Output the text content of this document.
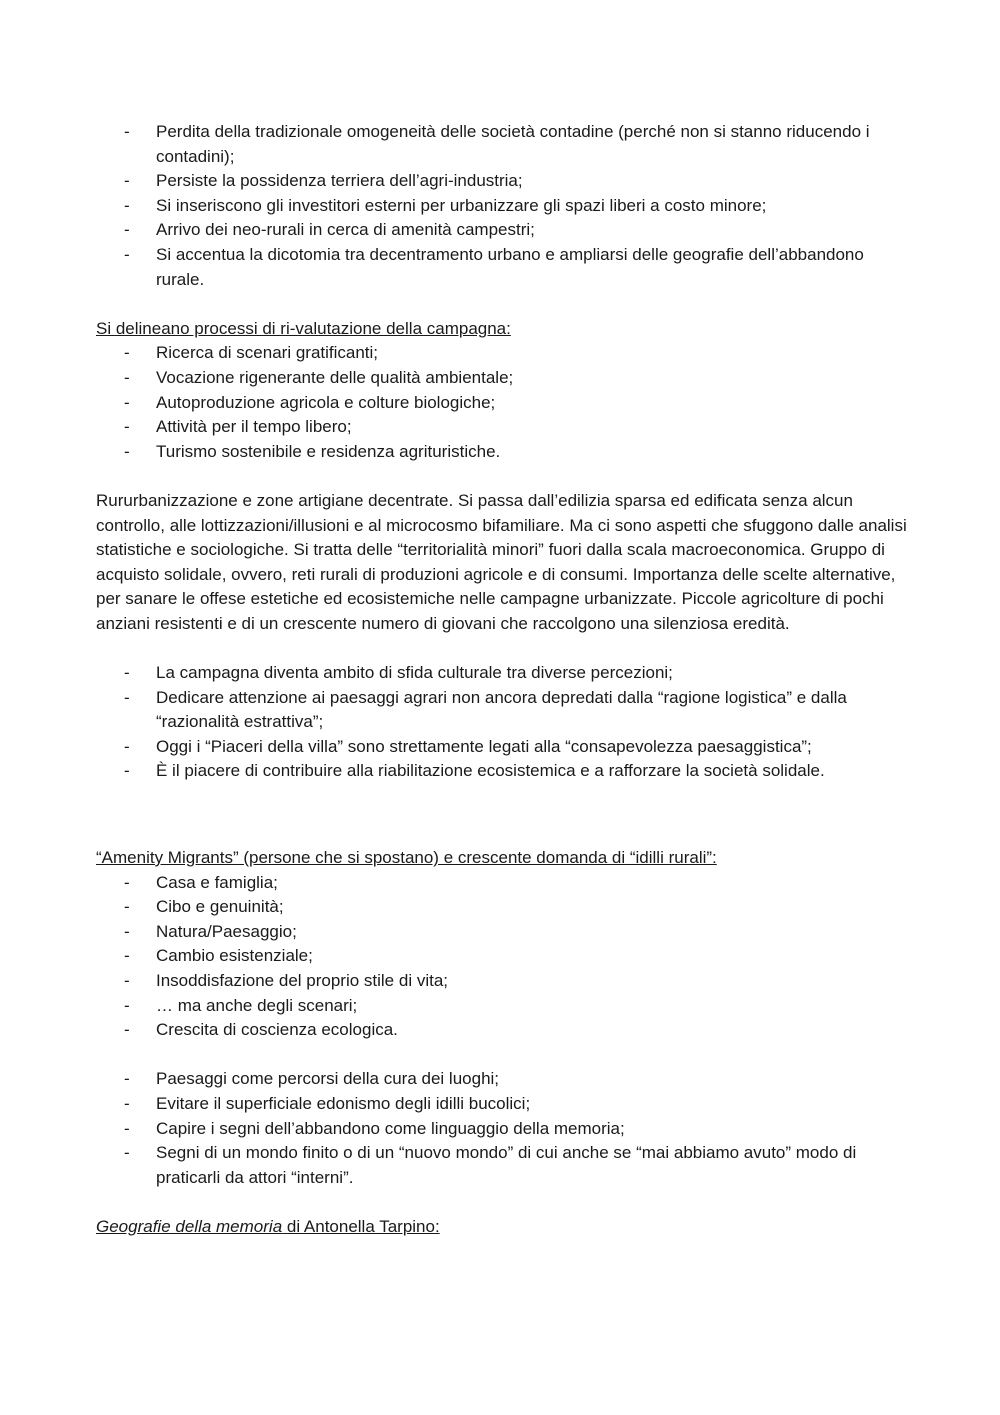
- Perdita della tradizionale omogeneità delle società contadine (perché non si stanno riducendo i contadini);
- Persiste la possidenza terriera dell’agri-industria;
- Si inseriscono gli investitori esterni per urbanizzare gli spazi liberi a costo minore;
- Arrivo dei neo-rurali in cerca di amenità campestri;
- Si accentua la dicotomia tra decentramento urbano e ampliarsi delle geografie dell’abbandono rurale.

Si delineano processi di ri-valutazione della campagna:

- Ricerca di scenari gratificanti;
- Vocazione rigenerante delle qualità ambientale;
- Autoproduzione agricola e colture biologiche;
- Attività per il tempo libero;
- Turismo sostenibile e residenza agrituristiche.

Rururbanizzazione e zone artigiane decentrate. Si passa dall’edilizia sparsa ed edificata senza alcun controllo, alle lottizzazioni/illusioni e al microcosmo bifamiliare. Ma ci sono aspetti che sfuggono dalle analisi statistiche e sociologiche. Si tratta delle “territorialità minori” fuori dalla scala macroeconomica. Gruppo di acquisto solidale, ovvero, reti rurali di produzioni agricole e di consumi. Importanza delle scelte alternative, per sanare le offese estetiche ed ecosistemiche nelle campagne urbanizzate. Piccole agricolture di pochi anziani resistenti e di un crescente numero di giovani che raccolgono una silenziosa eredità.

- La campagna diventa ambito di sfida culturale tra diverse percezioni;
- Dedicare attenzione ai paesaggi agrari non ancora depredati dalla “ragione logistica” e dalla “razionalità estrattiva”;
- Oggi i “Piaceri della villa” sono strettamente legati alla “consapevolezza paesaggistica”;
- È il piacere di contribuire alla riabilitazione ecosistemica e a rafforzare la società solidale.

“Amenity Migrants” (persone che si spostano) e crescente domanda di “idilli rurali”:

- Casa e famiglia;
- Cibo e genuinità;
- Natura/Paesaggio;
- Cambio esistenziale;
- Insoddisfazione del proprio stile di vita;
- … ma anche degli scenari;
- Crescita di coscienza ecologica.
- Paesaggi come percorsi della cura dei luoghi;
- Evitare il superficiale edonismo degli idilli bucolici;
- Capire i segni dell’abbandono come linguaggio della memoria;
- Segni di un mondo finito o di un “nuovo mondo” di cui anche se “mai abbiamo avuto” modo di praticarli da attori “interni”.

Geografie della memoria di Antonella Tarpino:
